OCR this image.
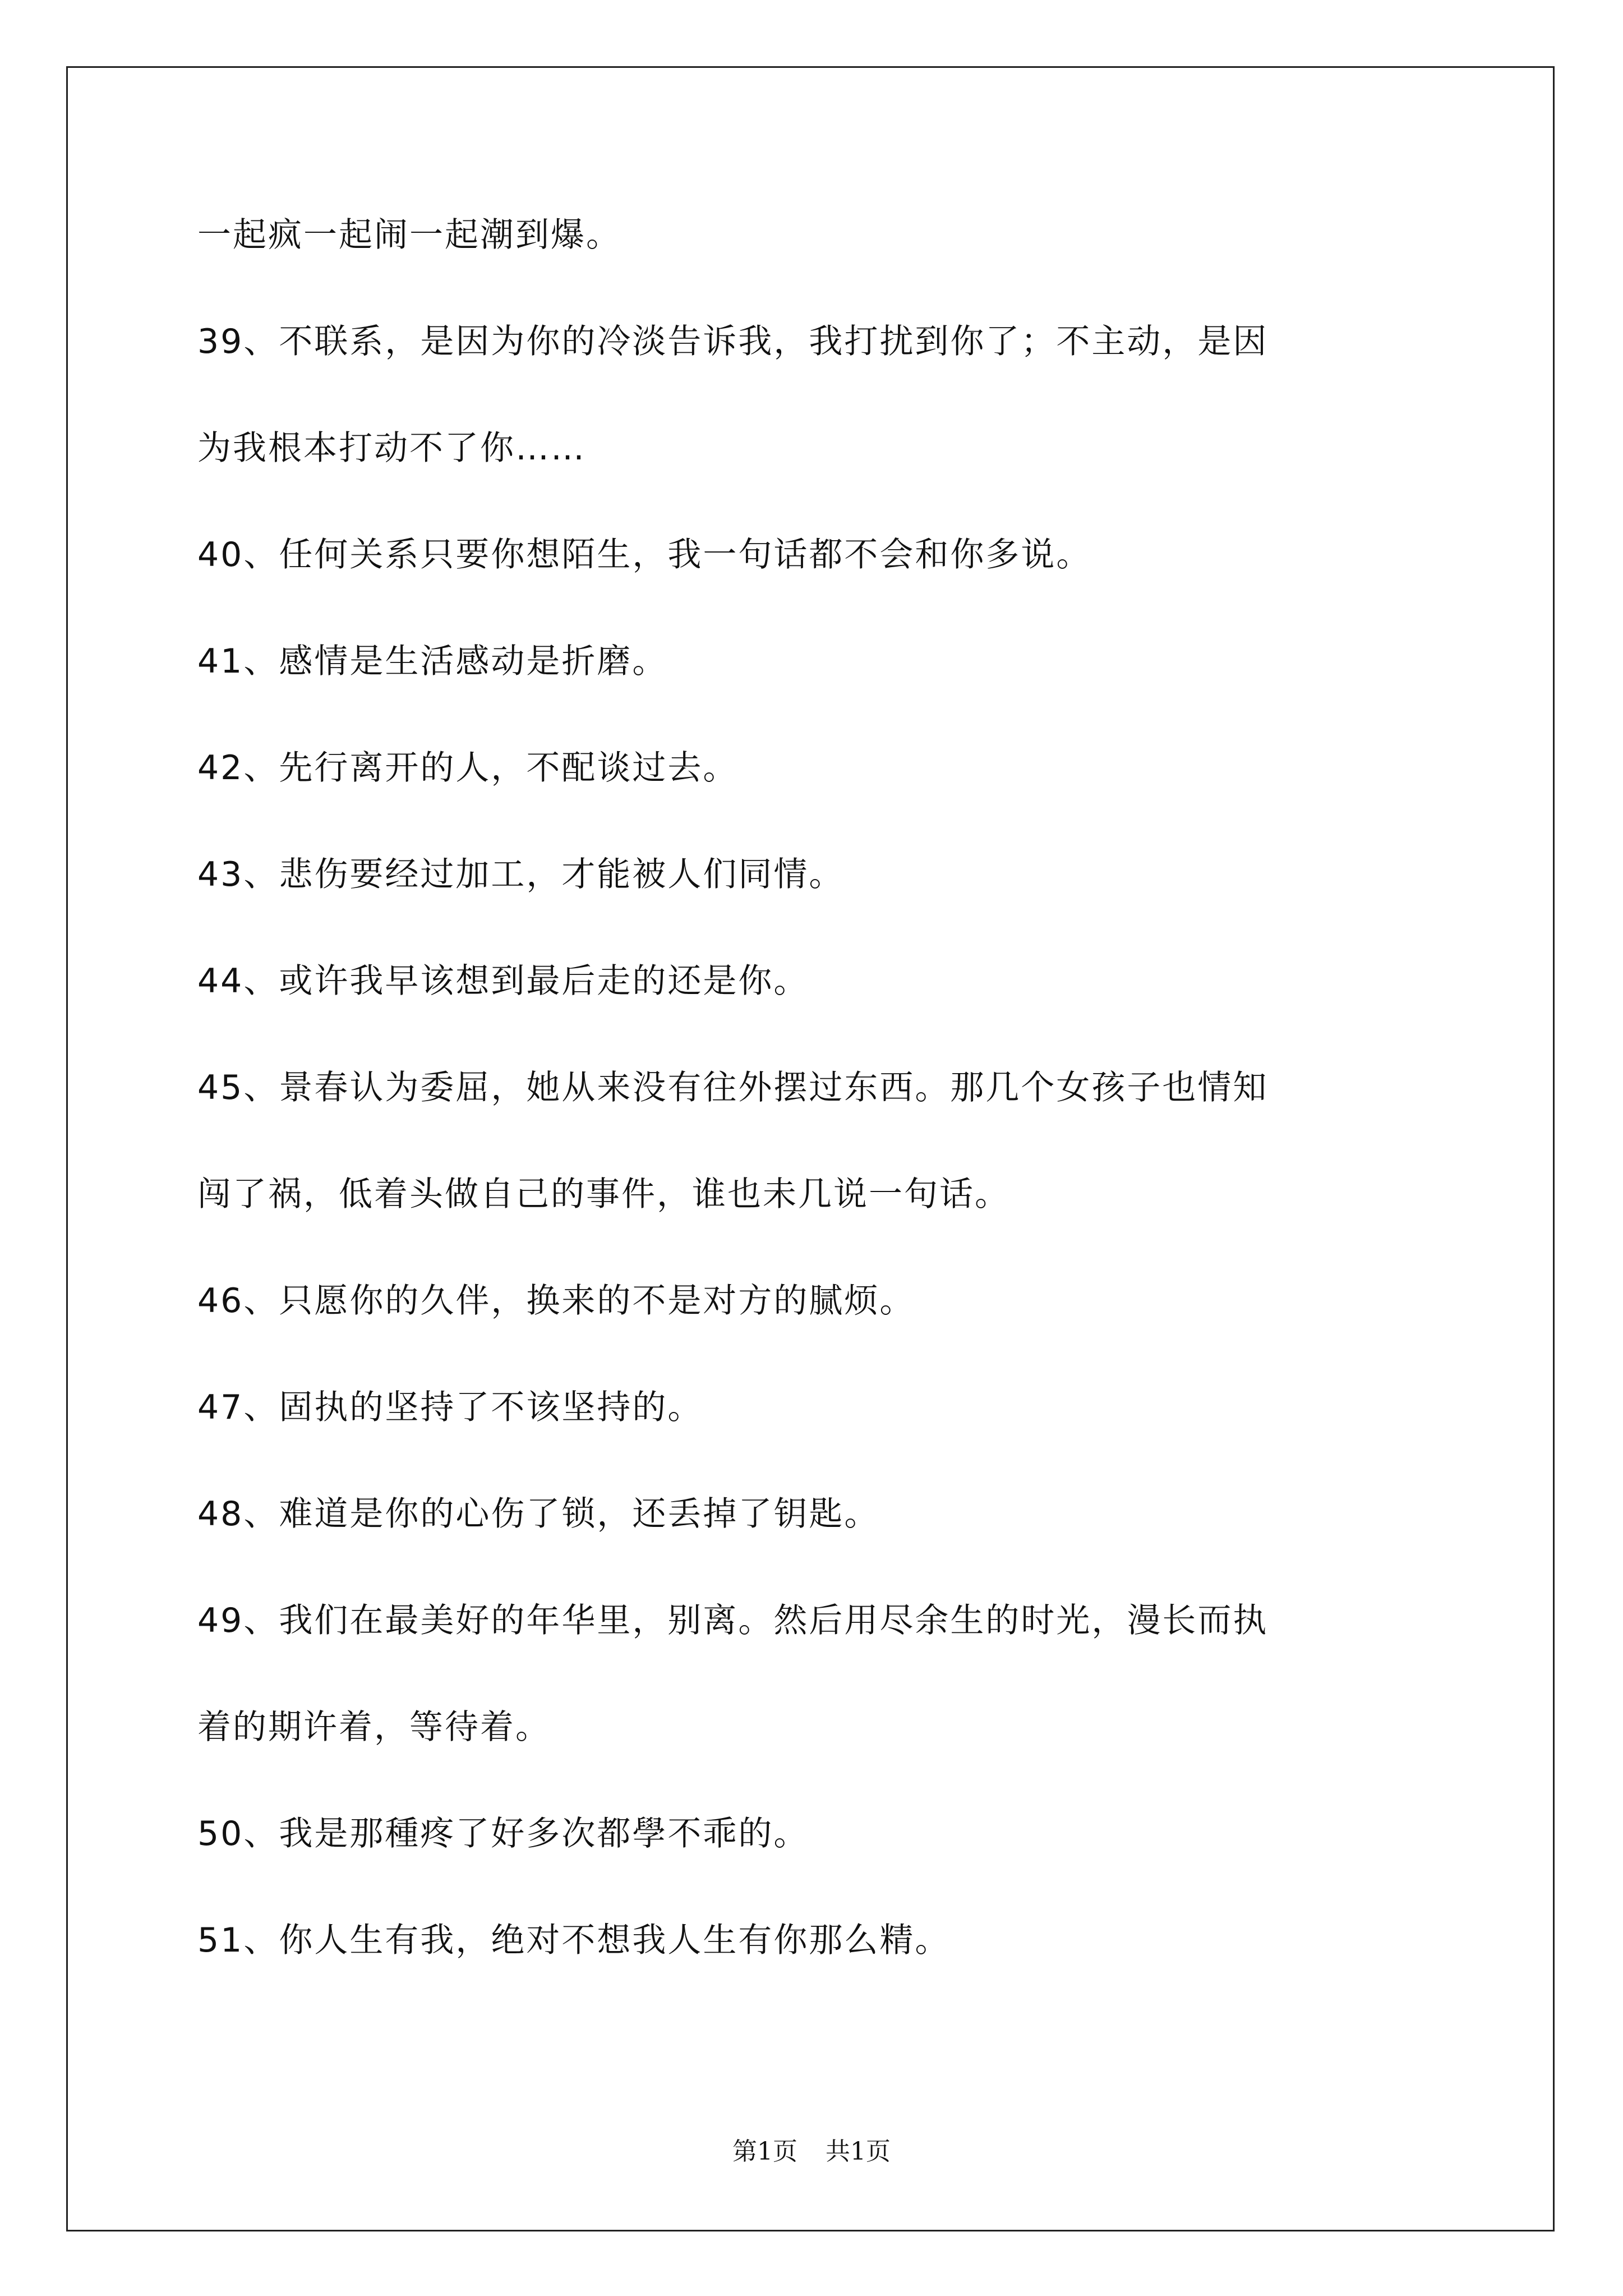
一起疯一起闹一起潮到爆。
39、不联系，是因为你的冷淡告诉我，我打扰到你了；不主动，是因
为我根本打动不了你……
40、任何关系只要你想陌生，我一句话都不会和你多说。
41、感情是生活感动是折磨。
42、先行离开的人，不配谈过去。
43、悲伤要经过加工，才能被人们同情。
44、或许我早该想到最后走的还是你。
45、景春认为委屈，她从来没有往外摆过东西。那几个女孩子也情知
闯了祸，低着头做自己的事件，谁也未几说一句话。
46、只愿你的久伴，换来的不是对方的腻烦。
47、固执的坚持了不该坚持的。
48、难道是你的心伤了锁，还丢掉了钥匙。
49、我们在最美好的年华里，别离。然后用尽余生的时光，漫长而执
着的期许着，等待着。
50、我是那種疼了好多次都學不乖的。
51、你人生有我，绝对不想我人生有你那么精。
第1页 共1页
